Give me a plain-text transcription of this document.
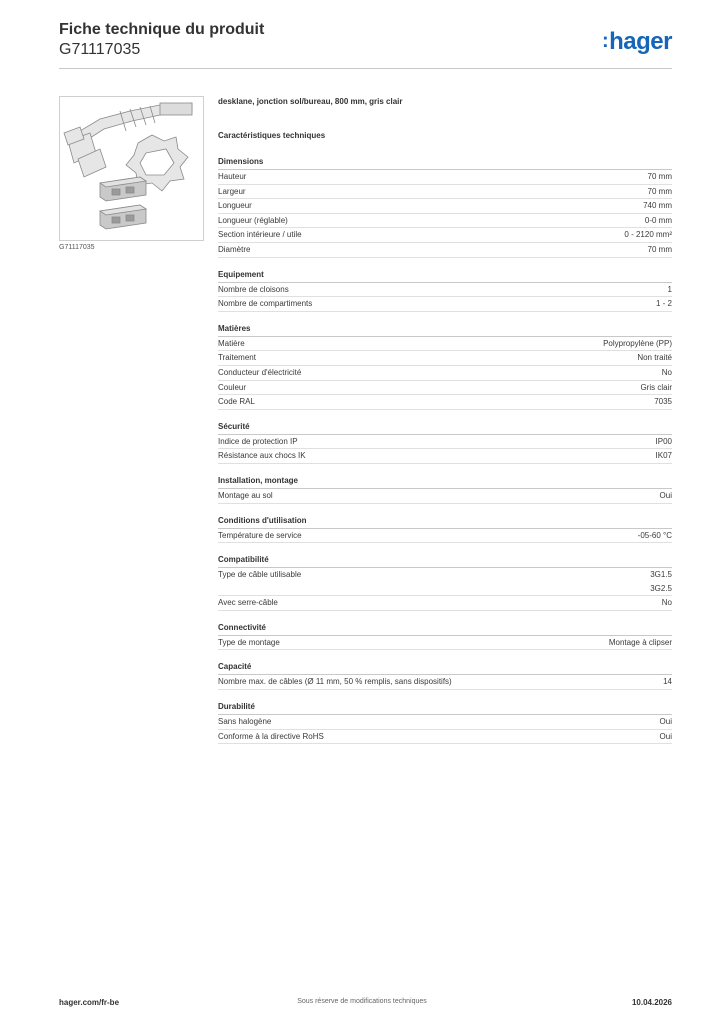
Fiche technique du produit
G71117035	:hager
G71117035
desklane, jonction sol/bureau, 800 mm, gris clair
Caractéristiques techniques
Dimensions
Hauteur	70 mm
Largeur	70 mm
Longueur	740 mm
Longueur (réglable)	0-0 mm
Section intérieure / utile	0 - 2120 mm²
Diamètre	70 mm
Equipement
Nombre de cloisons	1
Nombre de compartiments	1 - 2
Matières
Matière	Polypropylène (PP)
Traitement	Non traité
Conducteur d'électricité	No
Couleur	Gris clair
Code RAL	7035
Sécurité
Indice de protection IP	IP00
Résistance aux chocs IK	IK07
Installation, montage
Montage au sol	Oui
Conditions d'utilisation
Température de service	-05-60 °C
Compatibilité
Type de câble utilisable	3G1.5
3G2.5
Avec serre-câble	No
Connectivité
Type de montage	Montage à clipser
Capacité
Nombre max. de câbles (Ø 11 mm, 50 % remplis, sans dispositifs)	14
Durabilité
Sans halogène	Oui
Conforme à la directive RoHS	Oui
hager.com/fr-be	Sous réserve de modifications techniques	10.04.2026
